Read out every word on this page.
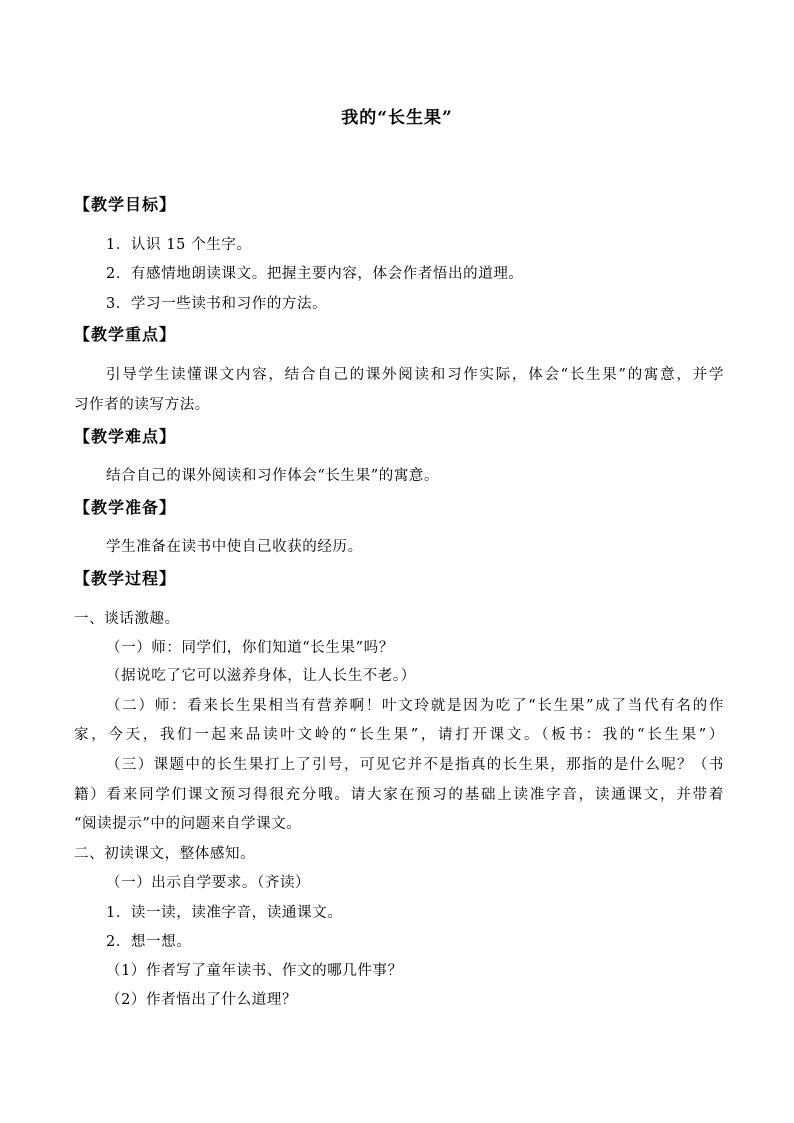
我的“长生果”
【教学目标】
1．认识 15 个生字。
2．有感情地朗读课文。把握主要内容，体会作者悟出的道理。
3．学习一些读书和习作的方法。
【教学重点】
引导学生读懂课文内容，结合自己的课外阅读和习作实际，体会“长生果”的寓意，并学
习作者的读写方法。
【教学难点】
结合自己的课外阅读和习作体会“长生果”的寓意。
【教学准备】
学生准备在读书中使自己收获的经历。
【教学过程】
一、谈话激趣。
（一）师：同学们，你们知道“长生果”吗？
（据说吃了它可以滋养身体，让人长生不老。）
（二）师：看来长生果相当有营养啊！叶文玲就是因为吃了“长生果”成了当代有名的作
家，今天，我们一起来品读叶文岭的“长生果”，请打开课文。（板书：我的“长生果”）
（三）课题中的长生果打上了引号，可见它并不是指真的长生果，那指的是什么呢？（书
籍）看来同学们课文预习得很充分哦。请大家在预习的基础上读准字音，读通课文，并带着
“阅读提示”中的问题来自学课文。
二、初读课文，整体感知。
（一）出示自学要求。（齐读）
1．读一读，读准字音，读通课文。
2．想一想。
（1）作者写了童年读书、作文的哪几件事？
（2）作者悟出了什么道理？
